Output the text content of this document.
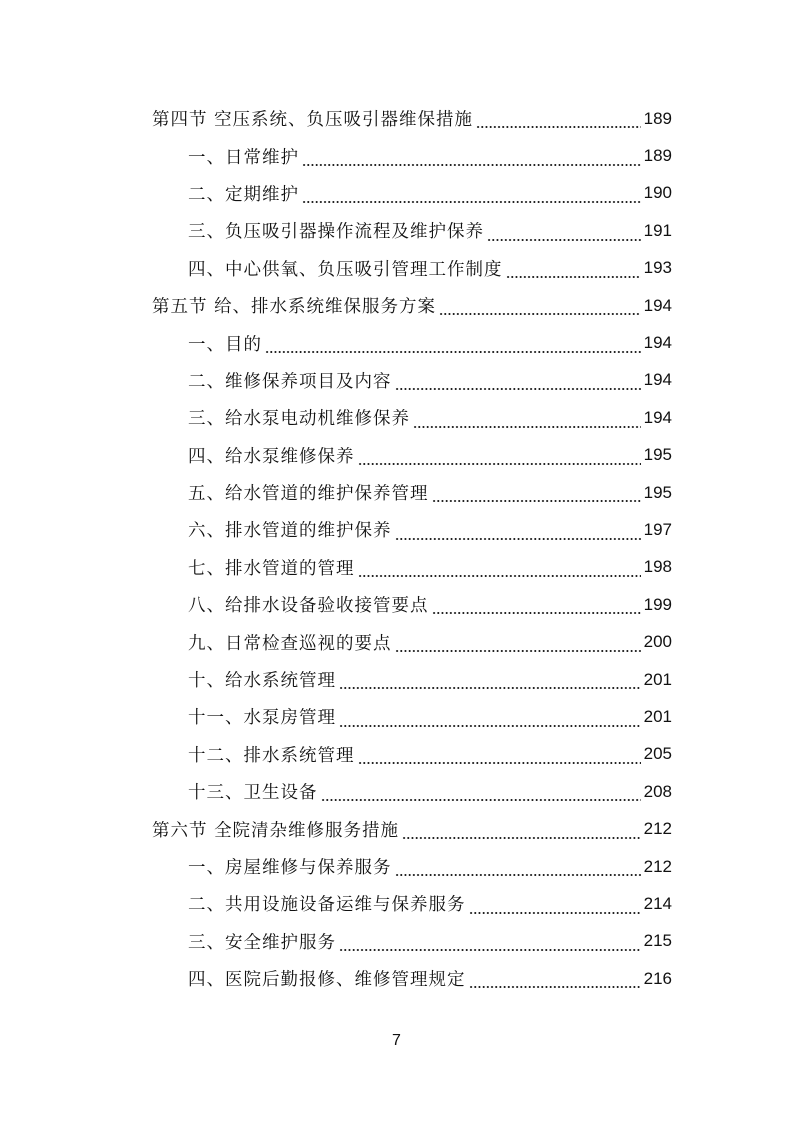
第四节 空压系统、负压吸引器维保措施	189
一、日常维护	189
二、定期维护	190
三、负压吸引器操作流程及维护保养	191
四、中心供氧、负压吸引管理工作制度	193
第五节 给、排水系统维保服务方案	194
一、目的	194
二、维修保养项目及内容	194
三、给水泵电动机维修保养	194
四、给水泵维修保养	195
五、给水管道的维护保养管理	195
六、排水管道的维护保养	197
七、排水管道的管理	198
八、给排水设备验收接管要点	199
九、日常检查巡视的要点	200
十、给水系统管理	201
十一、水泵房管理	201
十二、排水系统管理	205
十三、卫生设备	208
第六节 全院清杂维修服务措施	212
一、房屋维修与保养服务	212
二、共用设施设备运维与保养服务	214
三、安全维护服务	215
四、医院后勤报修、维修管理规定	216
7
